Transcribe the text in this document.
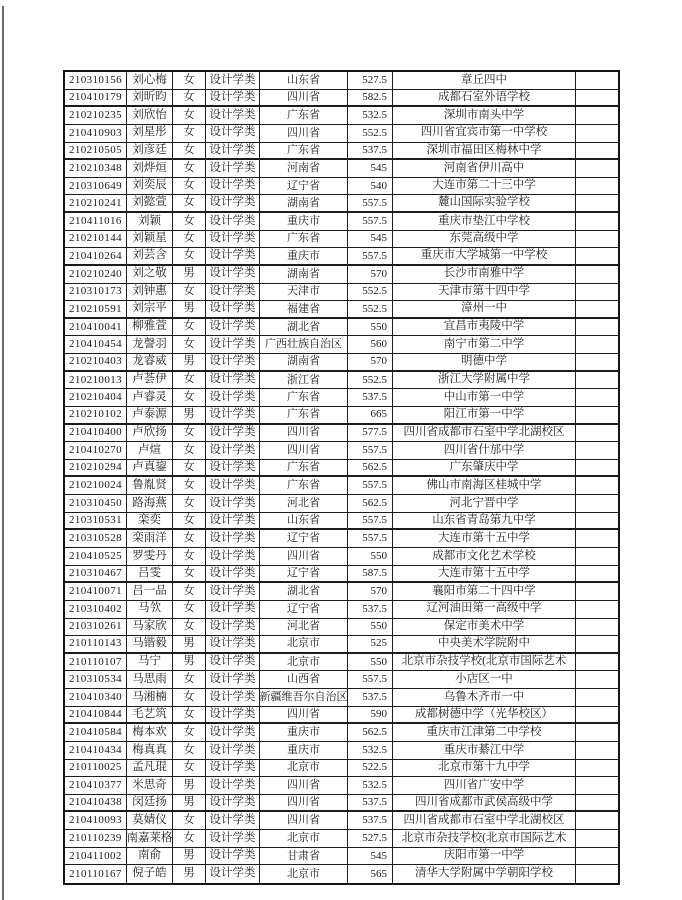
210310156 刘心梅	女	设计学类	山东省	527.5	章丘四中
210410179 刘昕昀	女	设计学类	四川省	582.5	成都石室外语学校
210210235 刘欣怡	女	设计学类	广东省	532.5	深圳市南头中学
210410903 刘星彤	女	设计学类	四川省	552.5	四川省宜宾市第一中学校
210210505 刘彦廷	女	设计学类	广东省	537.5	深圳市福田区梅林中学
210210348 刘烨烜	女	设计学类	河南省	545	河南省伊川高中
210310649 刘奕辰	女	设计学类	辽宁省	540	大连市第二十三中学
210210241 刘懿萱	女	设计学类	湖南省	557.5	麓山国际实验学校
210411016	刘颖	女	设计学类	重庆市	557.5	重庆市垫江中学校
210210144 刘颖星	女	设计学类	广东省	545	东莞高级中学
210410264 刘芸含	女	设计学类	重庆市	557.5	重庆市大学城第一中学校
210210240 刘之敬	男	设计学类	湖南省	570	长沙市南雅中学
210310173 刘钟惠	女	设计学类	天津市	552.5	天津市第十四中学
210210591 刘宗平	男	设计学类	福建省	552.5	漳州一中
210410041 柳雅萱	女	设计学类	湖北省	550	宜昌市夷陵中学
210410454 龙謦羽	女	设计学类 广西壮族自治区	560	南宁市第二中学
210210403 龙睿威	男	设计学类	湖南省	570	明德中学
210210013 卢荟伊	女	设计学类	浙江省	552.5	浙江大学附属中学
210210404 卢睿灵	女	设计学类	广东省	537.5	中山市第一中学
210210102 卢泰源	男	设计学类	广东省	665	阳江市第一中学
210410400 卢欣扬	女	设计学类	四川省	577.5	四川省成都市石室中学北湖校区
210410270	卢煊	女	设计学类	四川省	557.5	四川省什邡中学
210210294 卢真鋆	女	设计学类	广东省	562.5	广东肇庆中学
210210024 鲁胤贤	女	设计学类	广东省	557.5	佛山市南海区桂城中学
210310450 路海燕	女	设计学类	河北省	562.5	河北宁晋中学
210310531	栾奕	女	设计学类	山东省	557.5	山东省青岛第九中学
210310528 栾雨洋	女	设计学类	辽宁省	557.5	大连市第十五中学
210410525 罗雯丹	女	设计学类	四川省	550	成都市文化艺术学校
210310467	吕雯	女	设计学类	辽宁省	587.5	大连市第十五中学
210410071 吕一品	女	设计学类	湖北省	570	襄阳市第二十四中学
210310402	马欦	女	设计学类	辽宁省	537.5	辽河油田第一高级中学
210310261 马家欣	女	设计学类	河北省	550	保定市美术中学
210110143 马锴毅	男	设计学类	北京市	525	中央美术学院附中
210110107	马宁	男	设计学类	北京市	550	北京市杂技学校(北京市国际艺术
210310534 马思雨	女	设计学类	山西省	557.5	小店区一中
210410340 马湘楠	女	设计学类 新疆维吾尔自治区	537.5	乌鲁木齐市一中
210410844 毛艺筑	女	设计学类	四川省	590	成都树德中学（光华校区）
210410584 梅本欢	女	设计学类	重庆市	562.5	重庆市江津第二中学校
210410434 梅真真	女	设计学类	重庆市	532.5	重庆市綦江中学
210110025 孟凡琨	女	设计学类	北京市	522.5	北京市第十九中学
210410377 米思奇	男	设计学类	四川省	532.5	四川省广安中学
210410438 闵廷扬	男	设计学类	四川省	537.5	四川省成都市武侯高级中学
210410093 莫婧仪	女	设计学类	四川省	537.5	四川省成都市石室中学北湖校区
210110239 南嘉莱格 女	设计学类	北京市	527.5	北京市杂技学校(北京市国际艺术
210411002	南俞	男	设计学类	甘肃省	545	庆阳市第一中学
210110167 倪子皓	男	设计学类	北京市	565	清华大学附属中学朝阳学校
